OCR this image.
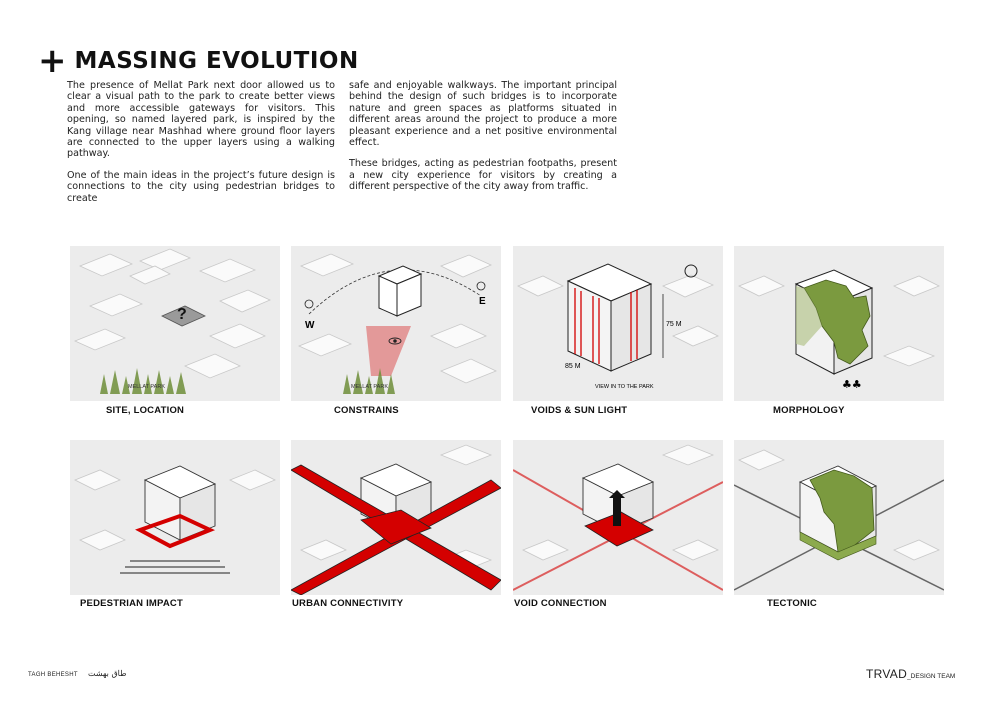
+ MASSING EVOLUTION

The presence of Mellat Park next door allowed us to clear a visual path to the park to create better views and more accessible gateways for visitors. This opening, so named layered park, is inspired by the Kang village near Mashhad where ground floor layers are connected to the upper layers using a walking pathway.

One of the main ideas in the project’s future design is connections to the city using pedestrian bridges to create

safe and enjoyable walkways. The important principal behind the design of such bridges is to incorporate nature and green spaces as platforms situated in different areas around the project to produce a more pleasant experience and a net positive environmental effect.

These bridges, acting as pedestrian footpaths, present a new city experience for visitors by creating a different perspective of the city away from traffic.

?
MELLAT PARK
SITE, LOCATION
W
E
MELLAT PARK
CONSTRAINS
75 M
85 M
VIEW IN TO THE PARK
VOIDS & SUN LIGHT
♣♣
MORPHOLOGY
PEDESTRIAN IMPACT	URBAN CONNECTIVITY	VOID CONNECTION	TECTONIC
TAGH BEHESHT طاق بهشت	TRVAD_DESIGN TEAM
